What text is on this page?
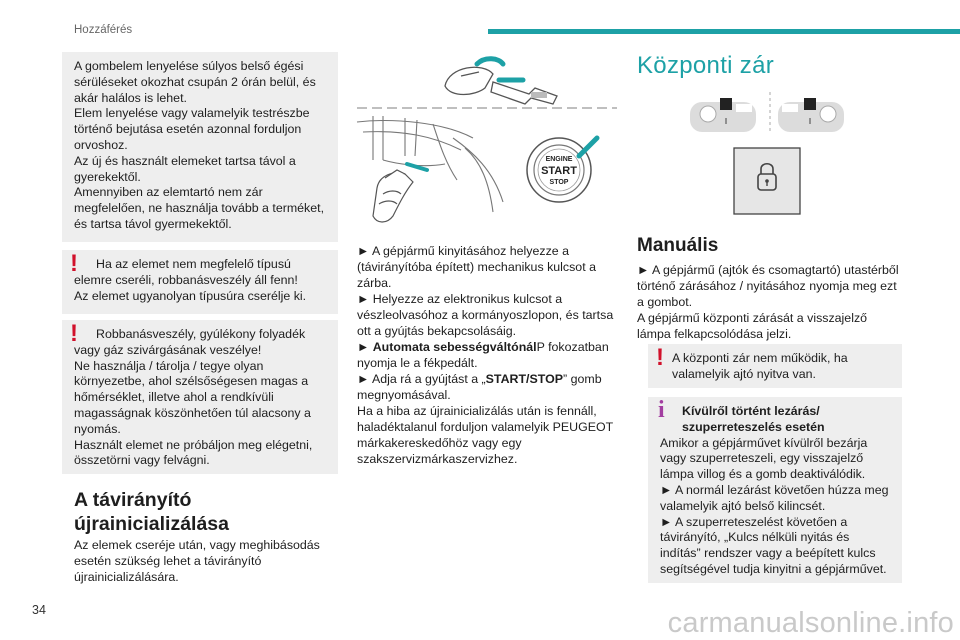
Hozzáférés
A gombelem lenyelése súlyos belső égési sérüléseket okozhat csupán 2 órán belül, és akár halálos is lehet.
Elem lenyelése vagy valamelyik testrészbe történő bejutása esetén azonnal forduljon orvoshoz.
Az új és használt elemeket tartsa távol a gyerekektől.
Amennyiben az elemtartó nem zár megfelelően, ne használja tovább a terméket, és tartsa távol gyermekektől.
!	Ha az elemet nem megfelelő típusú elemre cseréli, robbanásveszély áll fenn!
Az elemet ugyanolyan típusúra cserélje ki.
!	Robbanásveszély, gyúlékony folyadék vagy gáz szivárgásának veszélye!
Ne használja / tárolja / tegye olyan környezetbe, ahol szélsőségesen magas a hőmérséklet, illetve ahol a rendkívüli magasságnak köszönhetően túl alacsony a nyomás.
Használt elemet ne próbáljon meg elégetni, összetörni vagy felvágni.
A távirányító
újrainicializálása
Az elemek cseréje után, vagy meghibásodás esetén szükség lehet a távirányító újrainicializálására.
ENGINE
START
STOP
► A gépjármű kinyitásához helyezze a (távirányítóba épített) mechanikus kulcsot a zárba.
► Helyezze az elektronikus kulcsot a vészleolvasóhoz a kormányoszlopon, és tartsa ott a gyújtás bekapcsolásáig.
► Automata sebességváltónálP fokozatban nyomja le a fékpedált.
► Adja rá a gyújtást a „START/STOP” gomb megnyomásával.
Ha a hiba az újrainicializálás után is fennáll, haladéktalanul forduljon valamelyik PEUGEOT márkakereskedőhöz vagy egy szakszervizmárkaszervizhez.
Központi zár
Manuális
► A gépjármű (ajtók és csomagtartó) utastérből történő zárásához / nyitásához nyomja meg ezt a gombot.
A gépjármű központi zárását a visszajelző lámpa felkapcsolódása jelzi.
! A központi zár nem működik, ha valamelyik ajtó nyitva van.
i	Kívülről történt lezárás/ szuperreteszelés esetén
Amikor a gépjárművet kívülről bezárja vagy szuperreteszeli, egy visszajelző lámpa villog és a gomb deaktiválódik.
► A normál lezárást követően húzza meg valamelyik ajtó belső kilincsét.
► A szuperreteszelést követően a távirányító, „Kulcs nélküli nyitás és indítás” rendszer vagy a beépített kulcs segítségével tudja kinyitni a gépjárművet.
34	carmanualsonline.info
